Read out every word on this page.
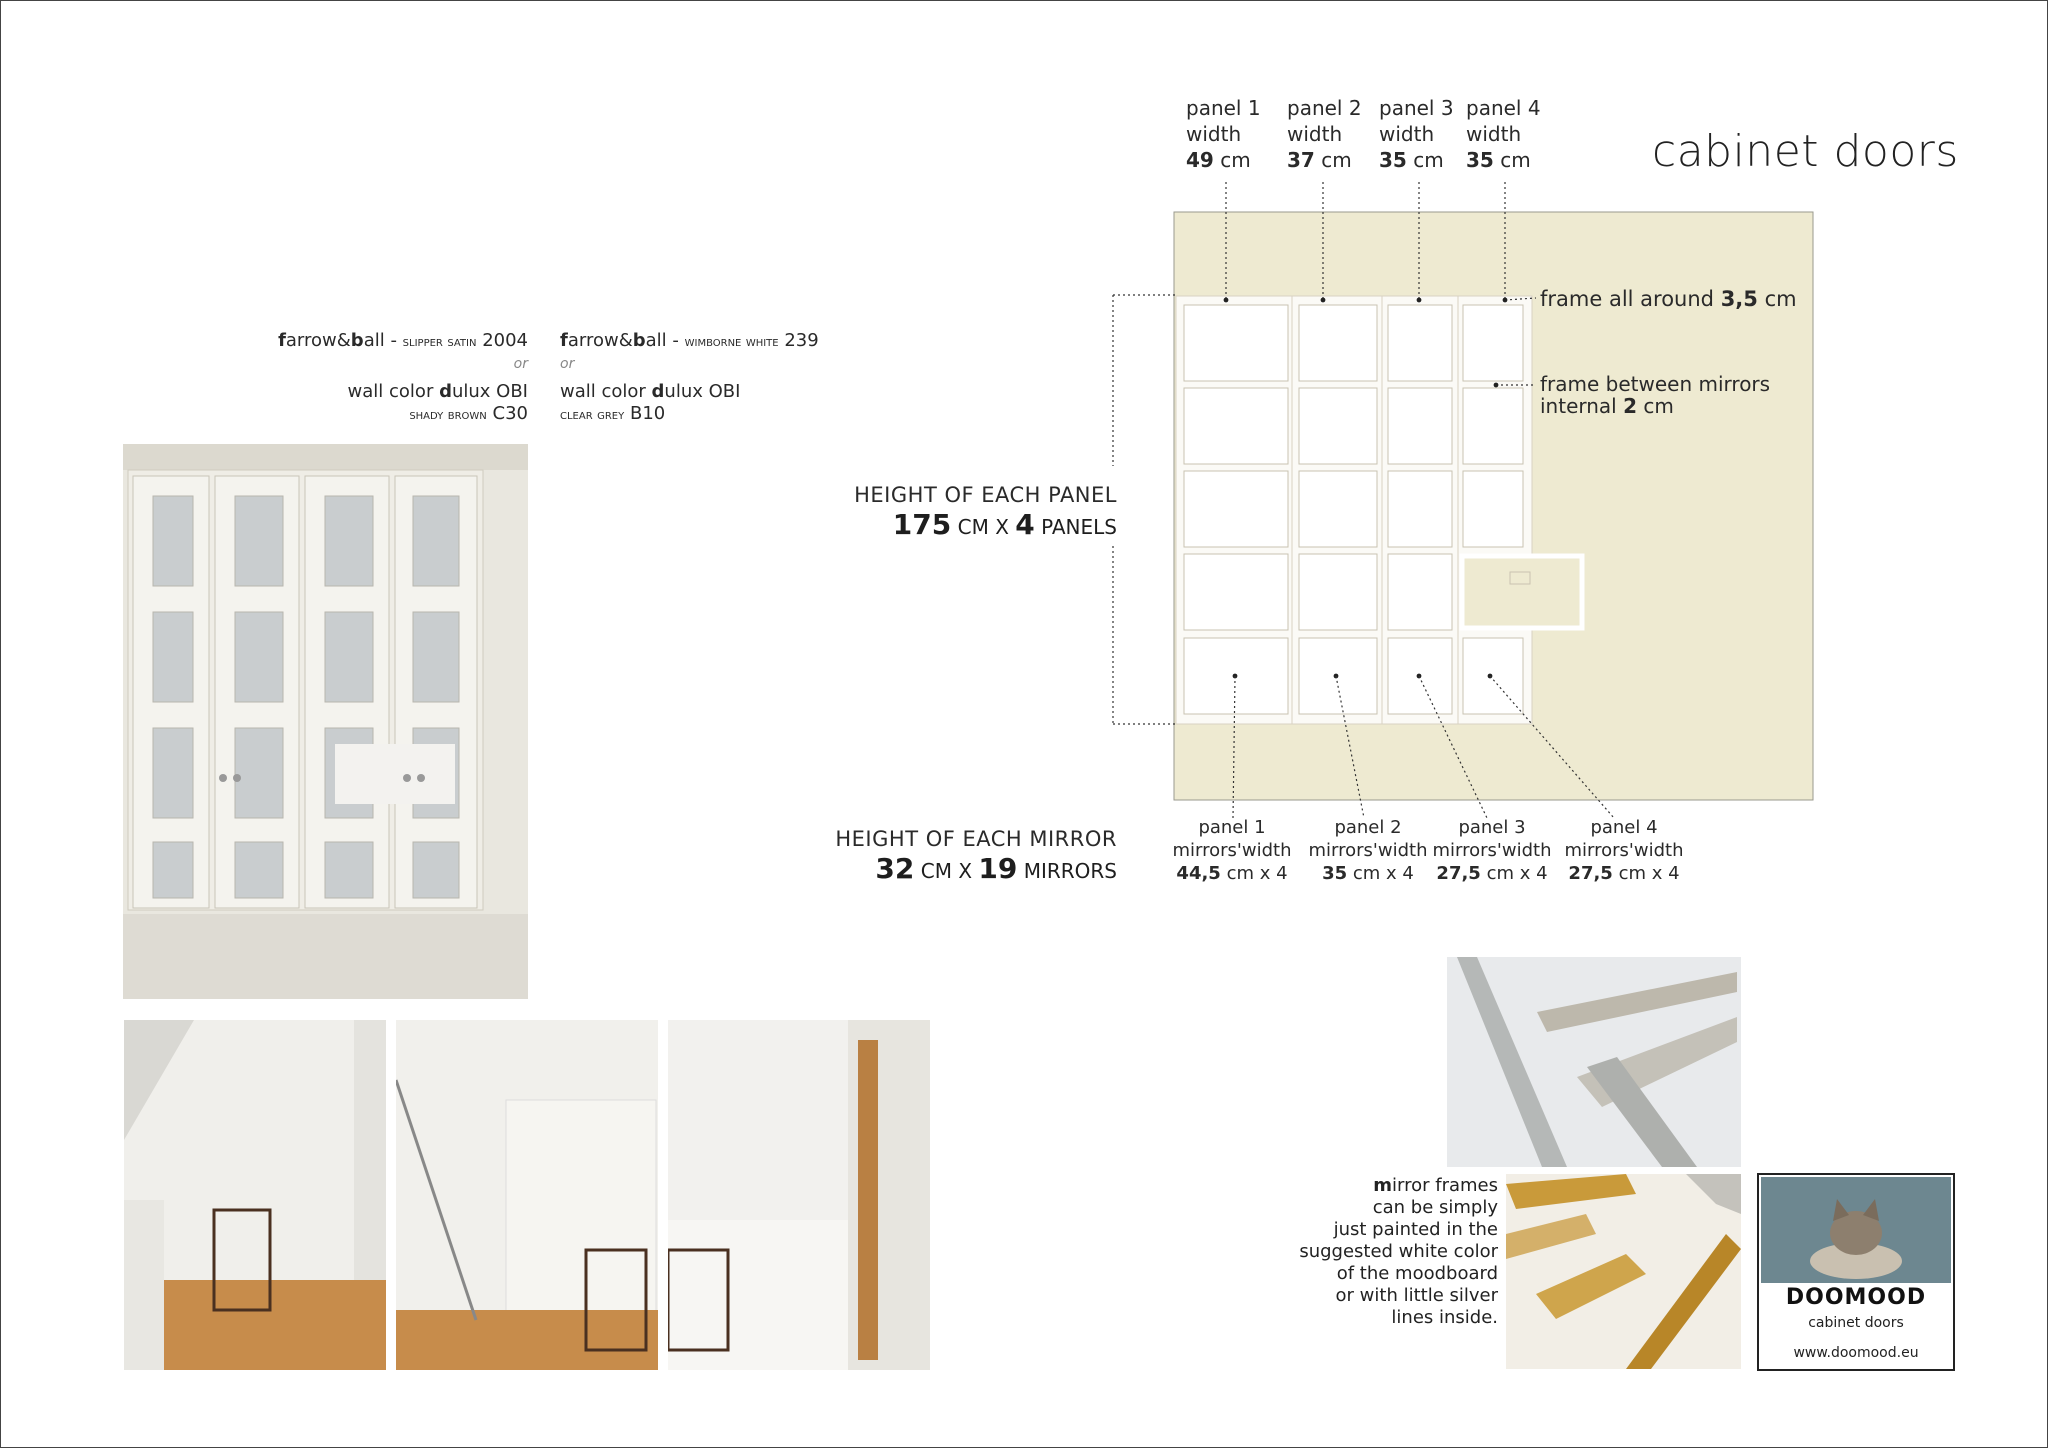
cabinet doors
panel 1
width
49 cm
panel 2
width
37 cm
panel 3
width
35 cm
panel 4
width
35 cm
frame all around 3,5 cm
frame between mirrors
internal 2 cm
HEIGHT OF EACH PANEL
175 CM X 4 PANELS
HEIGHT OF EACH MIRROR
32 CM X 19 MIRRORS
panel 1
mirrors'width
44,5 cm x 4
panel 2
mirrors'width
35 cm x 4
panel 3
mirrors'width
27,5 cm x 4
panel 4
mirrors'width
27,5 cm x 4
farrow&ball - slipper satin 2004
or
wall color dulux OBI
shady brown C30
farrow&ball - wimborne white 239
or
wall color dulux OBI
clear grey B10
mirror frames
can be simply
just painted in the
suggested white color
of the moodboard
or with little silver
lines inside.
DOOMOOD
cabinet doors
www.doomood.eu
